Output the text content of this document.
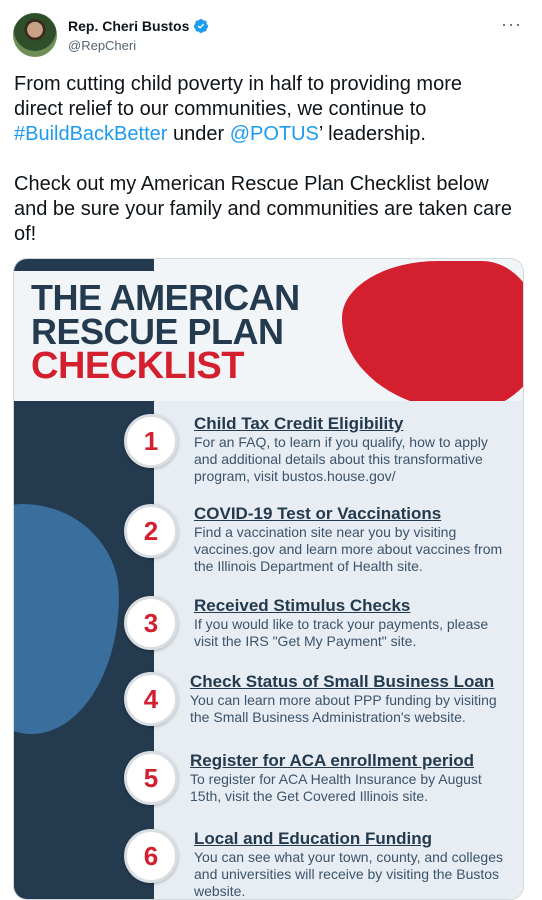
Rep. Cheri Bustos
@RepCheri
···

From cutting child poverty in half to providing more direct relief to our communities, we continue to #BuildBackBetter under @POTUS’ leadership.

Check out my American Rescue Plan Checklist below and be sure your family and communities are taken care of!

THE AMERICAN
RESCUE PLAN
CHECKLIST
1
Child Tax Credit Eligibility
For an FAQ, to learn if you qualify, how to apply and additional details about this transformative program, visit bustos.house.gov/
2
COVID-19 Test or Vaccinations
Find a vaccination site near you by visiting vaccines.gov and learn more about vaccines from the Illinois Department of Health site.
3
Received Stimulus Checks
If you would like to track your payments, please visit the IRS "Get My Payment" site.
4
Check Status of Small Business Loan
You can learn more about PPP funding by visiting the Small Business Administration's website.
5
Register for ACA enrollment period
To register for ACA Health Insurance by August 15th, visit the Get Covered Illinois site.
6
Local and Education Funding
You can see what your town, county, and colleges and universities will receive by visiting the Bustos website.
